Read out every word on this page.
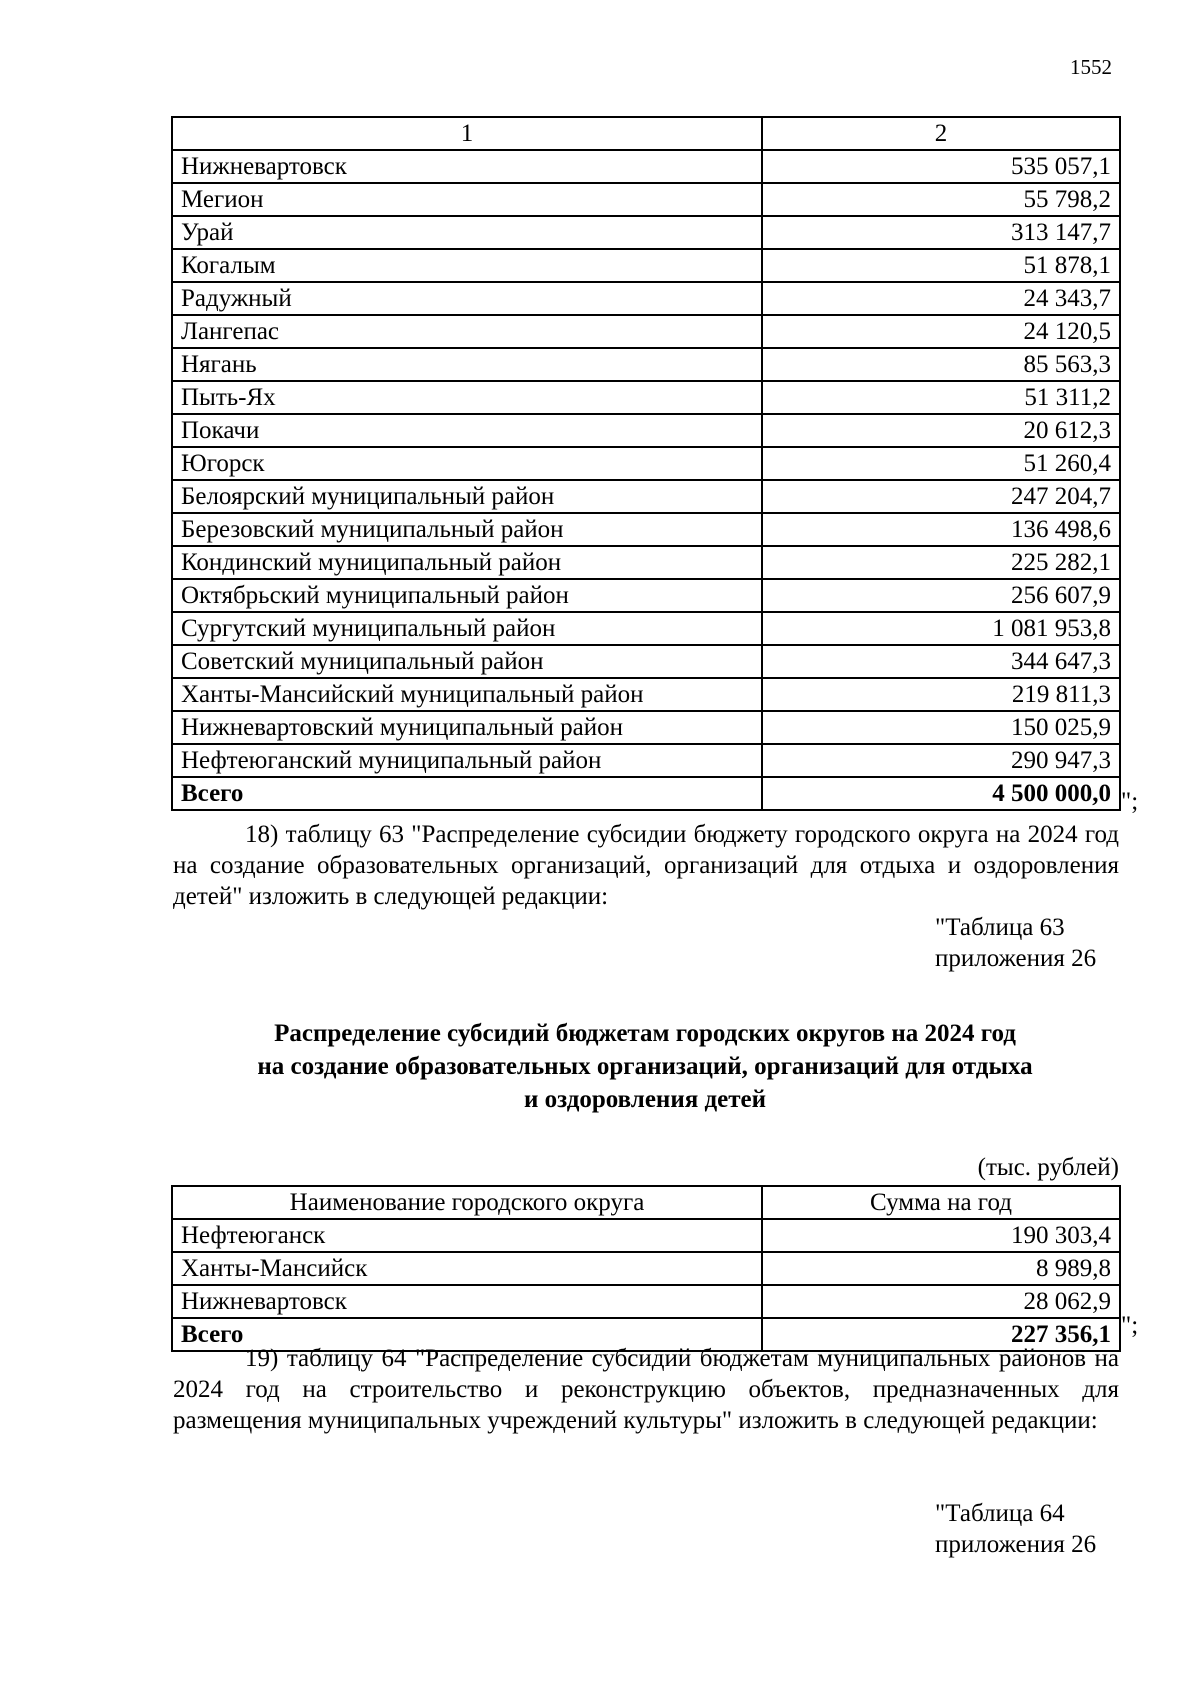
1552
1	2
Нижневартовск	535 057,1
Мегион	55 798,2
Урай	313 147,7
Когалым	51 878,1
Радужный	24 343,7
Лангепас	24 120,5
Нягань	85 563,3
Пыть-Ях	51 311,2
Покачи	20 612,3
Югорск	51 260,4
Белоярский муниципальный район	247 204,7
Березовский муниципальный район	136 498,6
Кондинский муниципальный район	225 282,1
Октябрьский муниципальный район	256 607,9
Сургутский муниципальный район	1 081 953,8
Советский муниципальный район	344 647,3
Ханты-Мансийский муниципальный район	219 811,3
Нижневартовский муниципальный район	150 025,9
Нефтеюганский муниципальный район	290 947,3
Всего	4 500 000,0 ";

18) таблицу 63 "Распределение субсидии бюджету городского округа на 2024 год на создание образовательных организаций, организаций для отдыха и оздоровления детей" изложить в следующей редакции:

"Таблица 63
приложения 26
Распределение субсидий бюджетам городских округов на 2024 год
на создание образовательных организаций, организаций для отдыха
и оздоровления детей
(тыс. рублей)
Наименование городского округа	Сумма на год
Нефтеюганск	190 303,4
Ханты-Мансийск	8 989,8
Нижневартовск	28 062,9
Всего	227 356,1 ";

19) таблицу 64 "Распределение субсидий бюджетам муниципальных районов на 2024 год на строительство и реконструкцию объектов, предназначенных для размещения муниципальных учреждений культуры" изложить в следующей редакции:

"Таблица 64
приложения 26
